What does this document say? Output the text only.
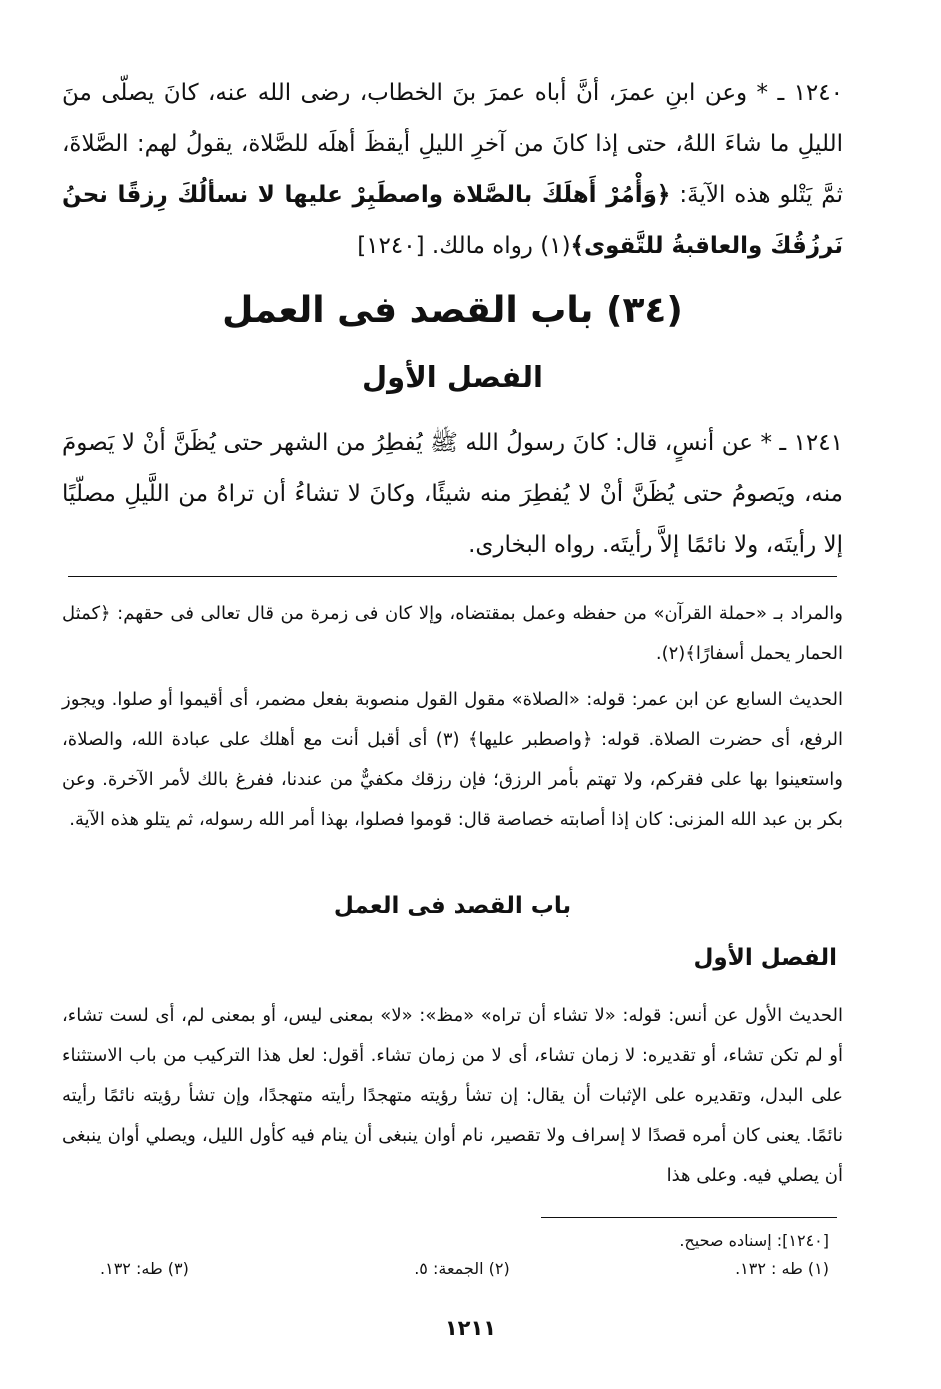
١٢٤٠ ـ * وعن ابنِ عمرَ، أنَّ أباه عمرَ بنَ الخطاب، رضى الله عنه، كانَ يصلّى منَ الليلِ ما شاءَ اللهُ، حتى إذا كانَ من آخرِ الليلِ أيقظَ أهلَه للصَّلاة، يقولُ لهم: الصَّلاةَ، ثمَّ يَتْلو هذه الآيةَ: ﴿وَأْمُرْ أَهلَكَ بالصَّلاة واصطَبِرْ عليها لا نسألُكَ رِزقًا نحنُ نَرزُقُكَ والعاقبةُ للتَّقوى﴾(١) رواه مالك. [١٢٤٠]

(٣٤) باب القصد فى العمل
الفصل الأول

١٢٤١ ـ * عن أنسٍ، قال: كانَ رسولُ الله ﷺ يُفطِرُ من الشهر حتى يُظَنَّ أنْ لا يَصومَ منه، ويَصومُ حتى يُظَنَّ أنْ لا يُفطِرَ منه شيئًا، وكانَ لا تشاءُ أن تراهُ من اللَّيلِ مصلّيًا إلا رأيتَه، ولا نائمًا إلاَّ رأيتَه. رواه البخارى.

والمراد بـ «حملة القرآن» من حفظه وعمل بمقتضاه، وإلا كان فى زمرة من قال تعالى فى حقهم: ﴿كمثل الحمار يحمل أسفارًا﴾(٢).

الحديث السابع عن ابن عمر: قوله: «الصلاة» مقول القول منصوبة بفعل مضمر، أى أقيموا أو صلوا. ويجوز الرفع، أى حضرت الصلاة. قوله: ﴿واصطبر عليها﴾ (٣) أى أقبل أنت مع أهلك على عبادة الله، والصلاة، واستعينوا بها على فقركم، ولا تهتم بأمر الرزق؛ فإن رزقك مكفيٌّ من عندنا، ففرغ بالك لأمر الآخرة. وعن بكر بن عبد الله المزنى: كان إذا أصابته خصاصة قال: قوموا فصلوا، بهذا أمر الله رسوله، ثم يتلو هذه الآية.

باب القصد فى العمل
الفصل الأول

الحديث الأول عن أنس: قوله: «لا تشاء أن تراه» «مظ»: «لا» بمعنى ليس، أو بمعنى لم، أى لست تشاء، أو لم تكن تشاء، أو تقديره: لا زمان تشاء، أى لا من زمان تشاء. أقول: لعل هذا التركيب من باب الاستثناء على البدل، وتقديره على الإثبات أن يقال: إن تشأ رؤيته متهجدًا رأيته متهجدًا، وإن تشأ رؤيته نائمًا رأيته نائمًا. يعنى كان أمره قصدًا لا إسراف ولا تقصير، نام أوان ينبغى أن ينام فيه كأول الليل، ويصلي أوان ينبغى أن يصلي فيه. وعلى هذا

[١٢٤٠]: إسناده صحيح.
(١) طه : ١٣٢.
(٢) الجمعة: ٥.
(٣) طه: ١٣٢.
١٢١١
